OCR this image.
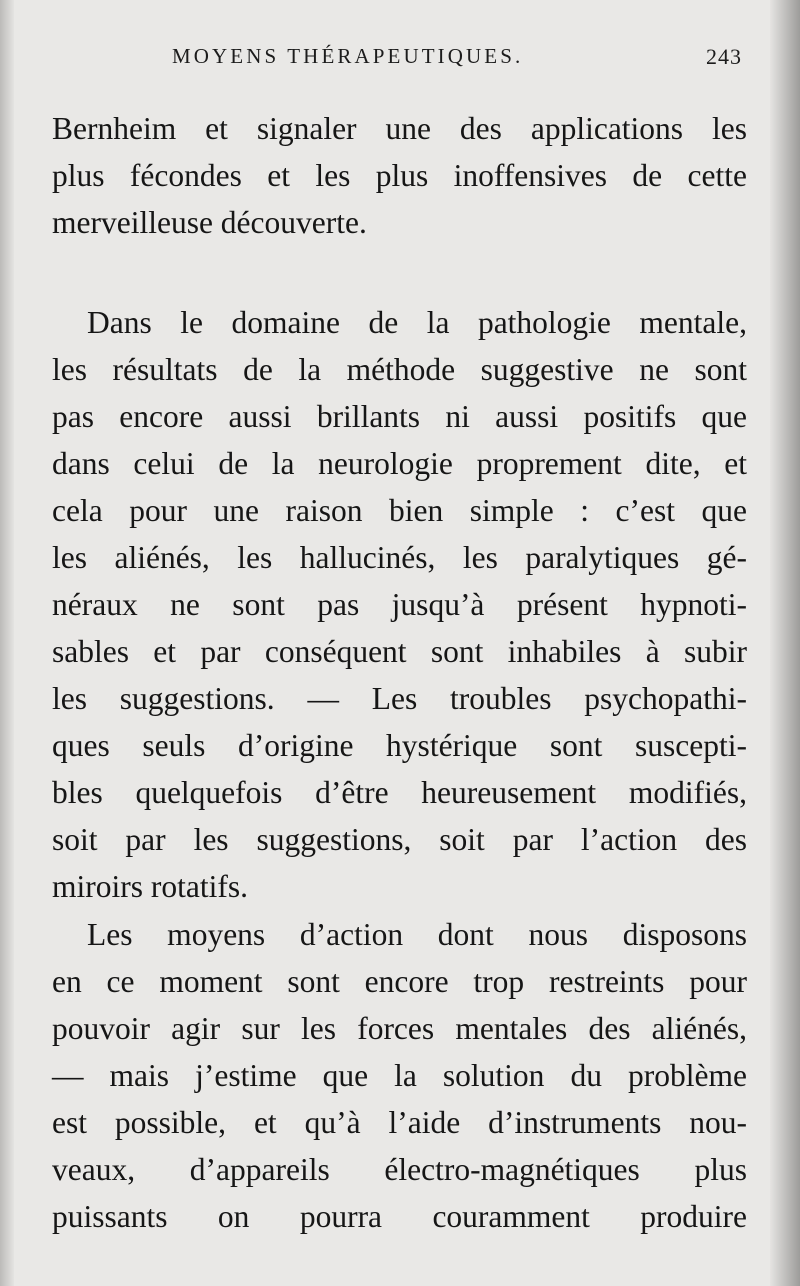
MOYENS THÉRAPEUTIQUES.	243
Bernheim et signaler une des applications les
plus fécondes et les plus inoffensives de cette
merveilleuse découverte.
Dans le domaine de la pathologie mentale,
les résultats de la méthode suggestive ne sont
pas encore aussi brillants ni aussi positifs que
dans celui de la neurologie proprement dite, et
cela pour une raison bien simple : c’est que
les aliénés, les hallucinés, les paralytiques gé-
néraux ne sont pas jusqu’à présent hypnoti-
sables et par conséquent sont inhabiles à subir
les suggestions. — Les troubles psychopathi-
ques seuls d’origine hystérique sont suscepti-
bles quelquefois d’être heureusement modifiés,
soit par les suggestions, soit par l’action des
miroirs rotatifs.
Les moyens d’action dont nous disposons
en ce moment sont encore trop restreints pour
pouvoir agir sur les forces mentales des aliénés,
— mais j’estime que la solution du problème
est possible, et qu’à l’aide d’instruments nou-
veaux, d’appareils électro-magnétiques plus
puissants on pourra couramment produire
